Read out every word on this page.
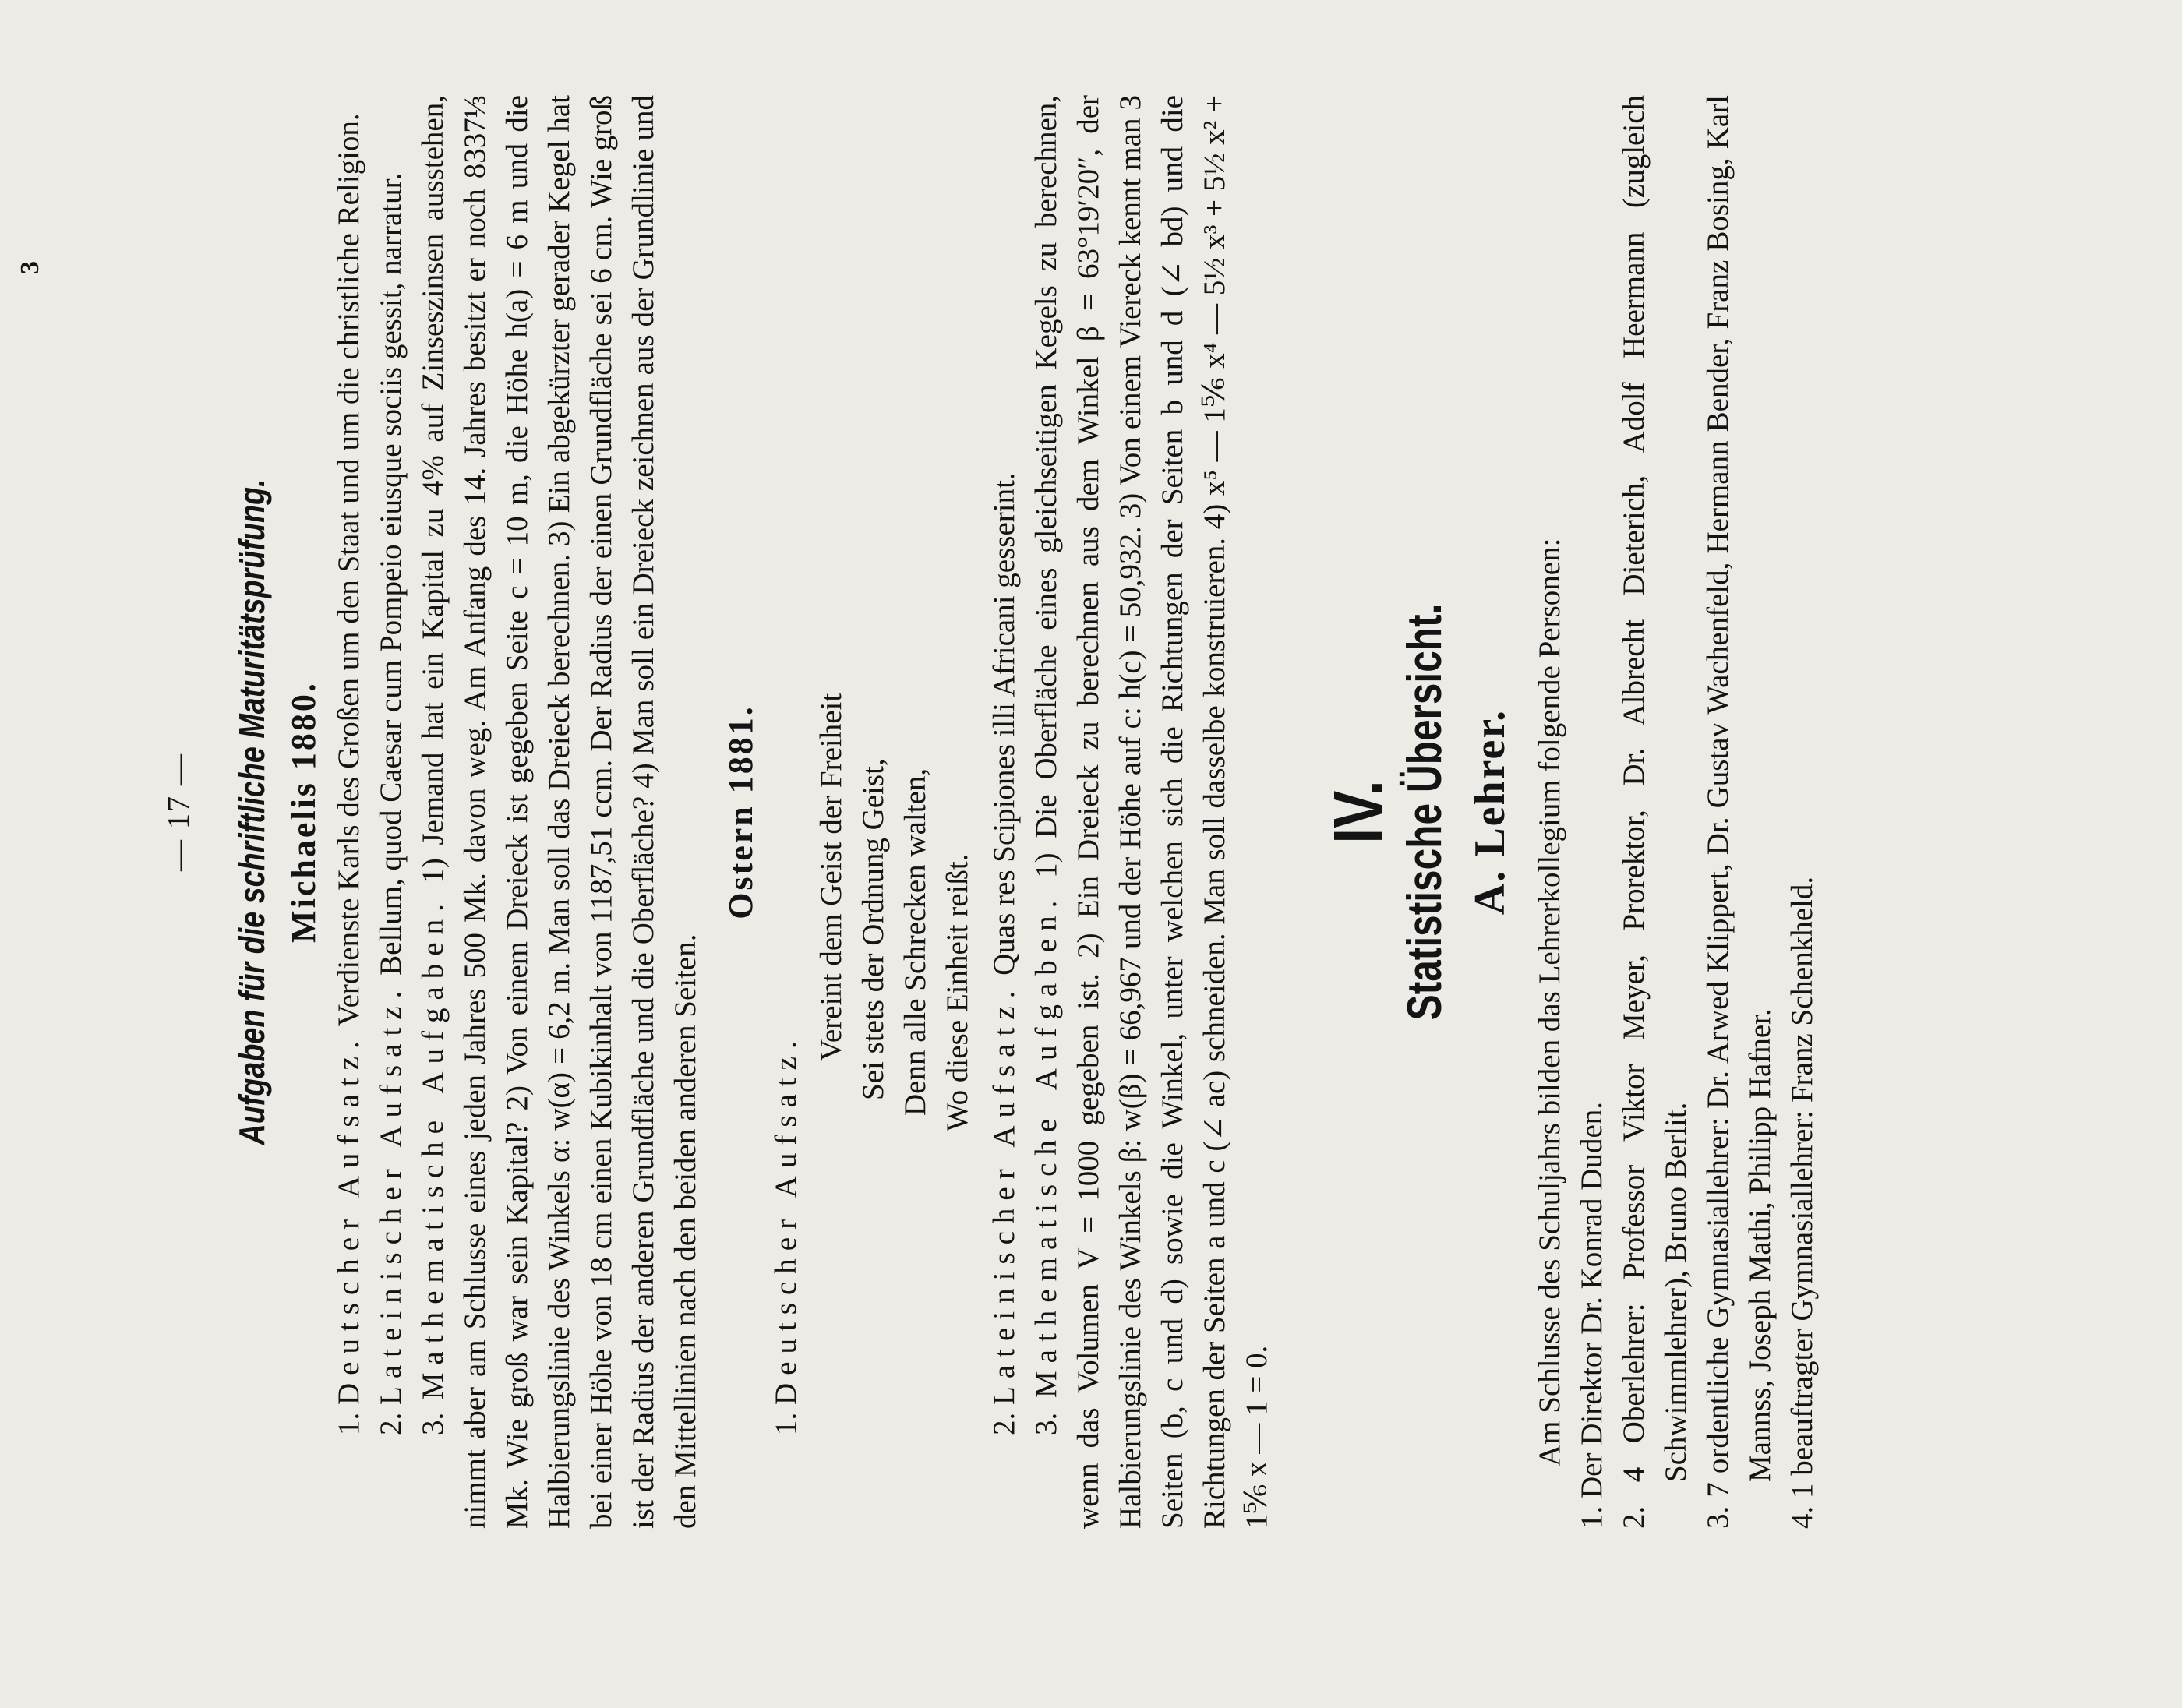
3
— 17 — Aufgaben für die schriftliche Maturitätsprüfung. Michaelis 1880.

1. Deutscher Aufsatz. Verdienste Karls des Großen um den Staat und um die christliche Religion.

2. Lateinischer Aufsatz. Bellum, quod Caesar cum Pompeio eiusque sociis gessit, narratur.

3. Mathematische Aufgaben. 1) Jemand hat ein Kapital zu 4% auf Zinseszinsen ausstehen, nimmt aber am Schlusse eines jeden Jahres 500 Mk. davon weg. Am Anfang des 14. Jahres besitzt er noch 8337⅓ Mk. Wie groß war sein Kapital? 2) Von einem Dreieck ist gegeben Seite c = 10 m, die Höhe h(a) = 6 m und die Halbierungslinie des Winkels α: w(α) = 6,2 m. Man soll das Dreieck berechnen. 3) Ein abgekürzter gerader Kegel hat bei einer Höhe von 18 cm einen Kubikinhalt von 1187,51 ccm. Der Radius der einen Grundfläche sei 6 cm. Wie groß ist der Radius der anderen Grundfläche und die Oberfläche? 4) Man soll ein Dreieck zeichnen aus der Grundlinie und den Mittellinien nach den beiden anderen Seiten.

Ostern 1881.

1. Deutscher Aufsatz.

Vereint dem Geist der Freiheit Sei stets der Ordnung Geist, Denn alle Schrecken walten, Wo diese Einheit reißt.

2. Lateinischer Aufsatz. Quas res Scipiones illi Africani gesserint.

3. Mathematische Aufgaben. 1) Die Oberfläche eines gleichseitigen Kegels zu berechnen, wenn das Volumen V = 1000 gegeben ist. 2) Ein Dreieck zu berechnen aus dem Winkel β = 63°19′20″, der Halbierungslinie des Winkels β: w(β) = 66,967 und der Höhe auf c: h(c) = 50,932. 3) Von einem Viereck kennt man 3 Seiten (b, c und d) sowie die Winkel, unter welchen sich die Richtungen der Seiten b und d (∠ bd) und die Richtungen der Seiten a und c (∠ ac) schneiden. Man soll dasselbe konstruieren. 4) x⁵ — 1⅚ x⁴ — 5½ x³ + 5½ x² + 1⅚ x — 1 = 0.

IV. Statistische Übersicht. A. Lehrer. Am Schlusse des Schuljahrs bilden das Lehrerkollegium folgende Personen: 1. Der Direktor Dr. Konrad Duden. 2. 4 Oberlehrer: Professor Viktor Meyer, Prorektor, Dr. Albrecht Dieterich, Adolf Heermann (zugleich Schwimmlehrer), Bruno Berlit. 3. 7 ordentliche Gymnasiallehrer: Dr. Arwed Klippert, Dr. Gustav Wachenfeld, Hermann Bender, Franz Bosing, Karl Mannss, Joseph Mathi, Philipp Hafner. 4. 1 beauftragter Gymnasiallehrer: Franz Schenkheld.
